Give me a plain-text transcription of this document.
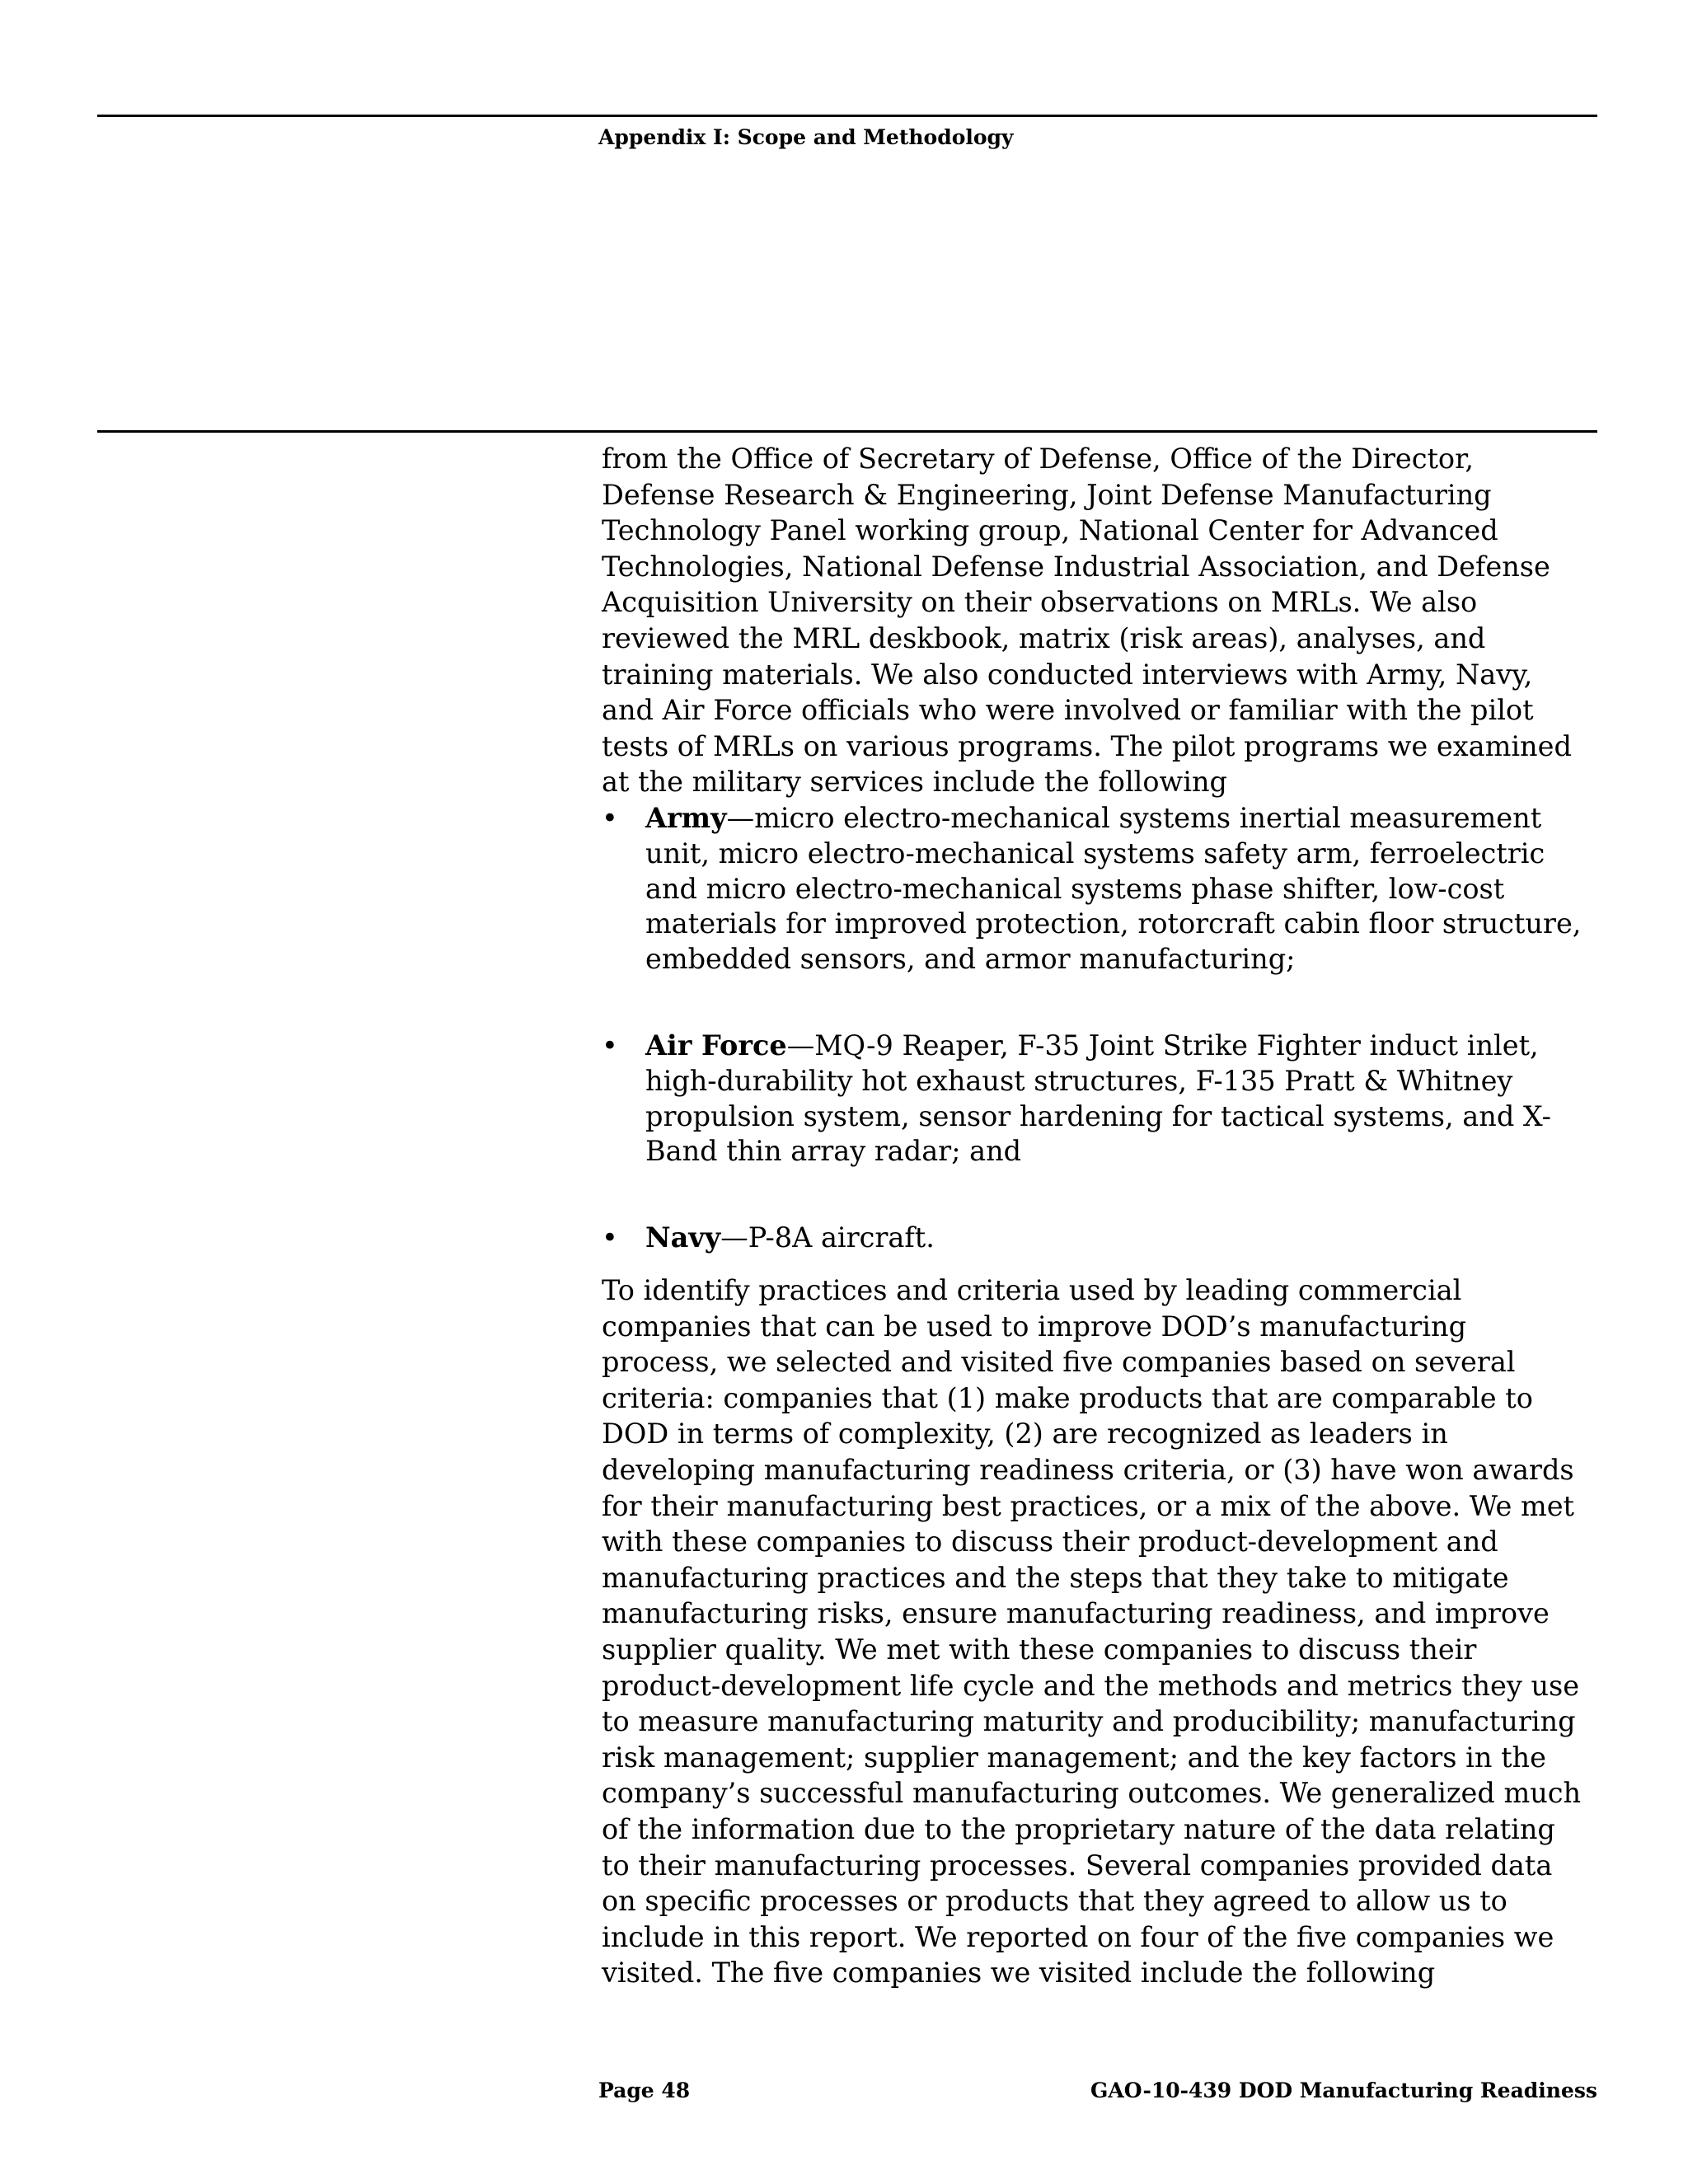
Appendix I: Scope and Methodology

from the Office of Secretary of Defense, Office of the Director, Defense Research & Engineering, Joint Defense Manufacturing Technology Panel working group, National Center for Advanced Technologies, National Defense Industrial Association, and Defense Acquisition University on their observations on MRLs. We also reviewed the MRL deskbook, matrix (risk areas), analyses, and training materials. We also conducted interviews with Army, Navy, and Air Force officials who were involved or familiar with the pilot tests of MRLs on various programs. The pilot programs we examined at the military services include the following

• Army—micro electro-mechanical systems inertial measurement unit, micro electro-mechanical systems safety arm, ferroelectric and micro electro-mechanical systems phase shifter, low-cost materials for improved protection, rotorcraft cabin floor structure, embedded sensors, and armor manufacturing;
• Air Force—MQ-9 Reaper, F-35 Joint Strike Fighter induct inlet, high-durability hot exhaust structures, F-135 Pratt & Whitney propulsion system, sensor hardening for tactical systems, and X-Band thin array radar; and
• Navy—P-8A aircraft.

To identify practices and criteria used by leading commercial companies that can be used to improve DOD’s manufacturing process, we selected and visited five companies based on several criteria: companies that (1) make products that are comparable to DOD in terms of complexity, (2) are recognized as leaders in developing manufacturing readiness criteria, or (3) have won awards for their manufacturing best practices, or a mix of the above. We met with these companies to discuss their product-development and manufacturing practices and the steps that they take to mitigate manufacturing risks, ensure manufacturing readiness, and improve supplier quality. We met with these companies to discuss their product-development life cycle and the methods and metrics they use to measure manufacturing maturity and producibility; manufacturing risk management; supplier management; and the key factors in the company’s successful manufacturing outcomes. We generalized much of the information due to the proprietary nature of the data relating to their manufacturing processes. Several companies provided data on specific processes or products that they agreed to allow us to include in this report. We reported on four of the five companies we visited. The five companies we visited include the following

Page 48	GAO-10-439 DOD Manufacturing Readiness
